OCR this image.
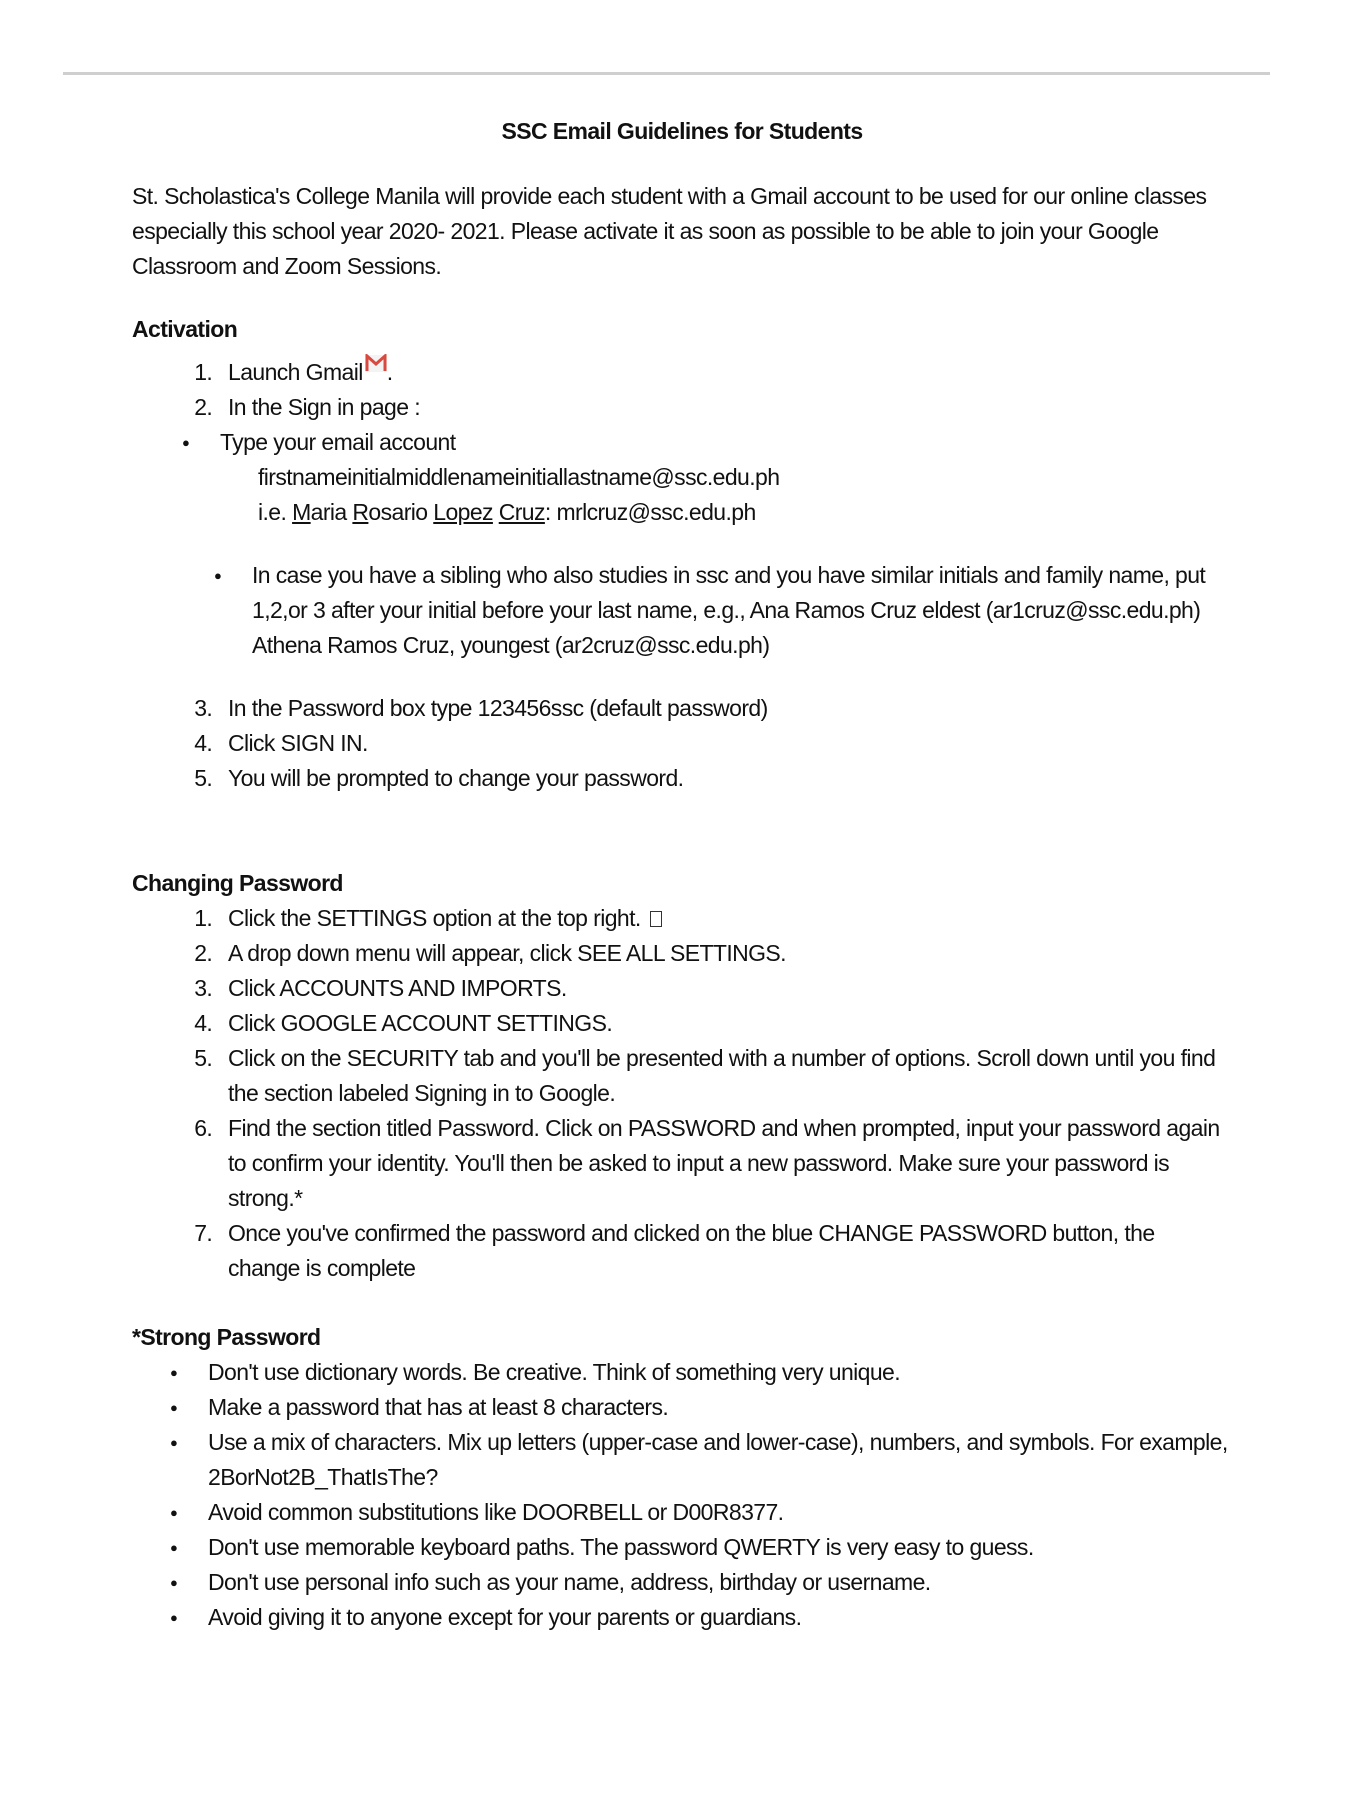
SSC Email Guidelines for Students

St. Scholastica's College Manila will provide each student with a Gmail account to be used for our online classes especially this school year 2020- 2021. Please activate it as soon as possible to be able to join your Google Classroom and Zoom Sessions.

Activation
1. Launch Gmail .
2. In the Sign in page :
● Type your email account
firstnameinitialmiddlenameinitiallastname@ssc.edu.ph
i.e. Maria Rosario Lopez Cruz: mrlcruz@ssc.edu.ph
● In case you have a sibling who also studies in ssc and you have similar initials and family name, put 1,2,or 3 after your initial before your last name, e.g., Ana Ramos Cruz eldest (ar1cruz@ssc.edu.ph) Athena Ramos Cruz, youngest (ar2cruz@ssc.edu.ph)
3. In the Password box type 123456ssc (default password)
4. Click SIGN IN.
5. You will be prompted to change your password.
Changing Password
1. Click the SETTINGS option at the top right.
2. A drop down menu will appear, click SEE ALL SETTINGS.
3. Click ACCOUNTS AND IMPORTS.
4. Click GOOGLE ACCOUNT SETTINGS.
5. Click on the SECURITY tab and you'll be presented with a number of options. Scroll down until you find the section labeled Signing in to Google.
6. Find the section titled Password. Click on PASSWORD and when prompted, input your password again to confirm your identity. You'll then be asked to input a new password. Make sure your password is strong.*
7. Once you've confirmed the password and clicked on the blue CHANGE PASSWORD button, the change is complete
*Strong Password
● Don't use dictionary words. Be creative. Think of something very unique.
● Make a password that has at least 8 characters.
● Use a mix of characters. Mix up letters (upper-case and lower-case), numbers, and symbols. For example, 2BorNot2B_ThatIsThe?
● Avoid common substitutions like DOORBELL or D00R8377.
● Don't use memorable keyboard paths. The password QWERTY is very easy to guess.
● Don't use personal info such as your name, address, birthday or username.
● Avoid giving it to anyone except for your parents or guardians.
